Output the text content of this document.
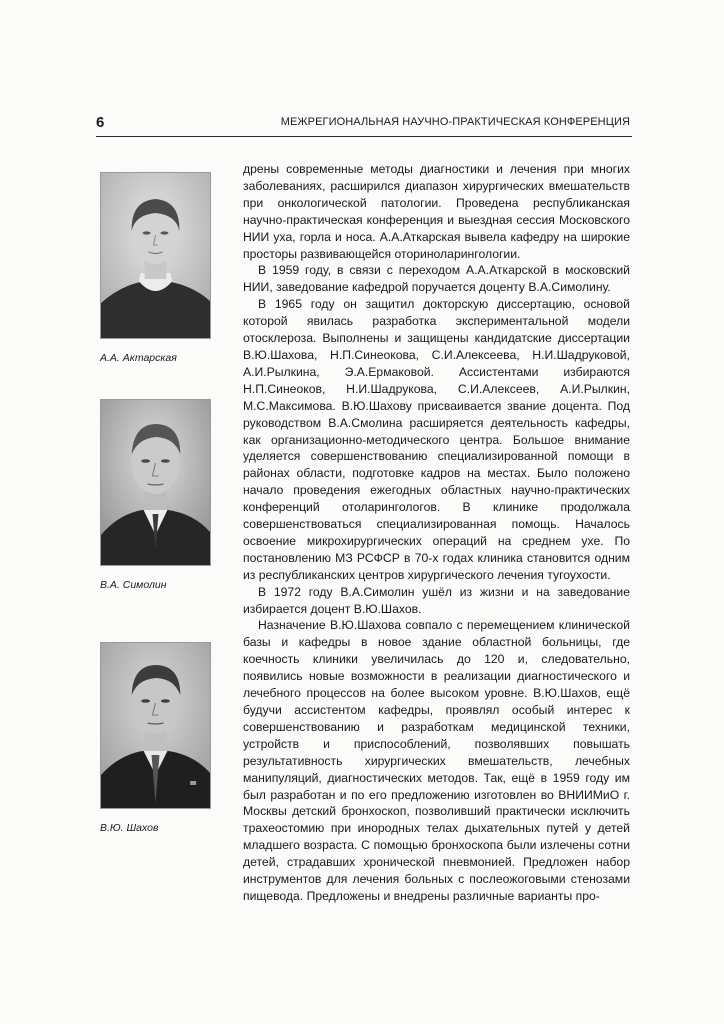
6	МЕЖРЕГИОНАЛЬНАЯ НАУЧНО-ПРАКТИЧЕСКАЯ КОНФЕРЕНЦИЯ
А.А. Актарская
В.А. Симолин
В.Ю. Шахов

дрены современные методы диагностики и лечения при многих заболеваниях, расширился диапазон хирургических вмешательств при онкологической патологии. Проведена республиканская научно-практическая конференция и выездная сессия Московского НИИ уха, горла и носа. А.А.Аткарская вывела кафедру на широкие просторы развивающейся оториноларингологии.

В 1959 году, в связи с переходом А.А.Аткарской в московский НИИ, заведование кафедрой поручается доценту В.А.Симолину.

В 1965 году он защитил докторскую диссертацию, основой которой явилась разработка экспериментальной модели отосклероза. Выполнены и защищены кандидатские диссертации В.Ю.Шахова, Н.П.Синеокова, С.И.Алексеева, Н.И.Шадруковой, А.И.Рылкина, Э.А.Ермаковой. Ассистентами избираются Н.П.Синеоков, Н.И.Шадрукова, С.И.Алексеев, А.И.Рылкин, М.С.Максимова. В.Ю.Шахову присваивается звание доцента. Под руководством В.А.Смолина расширяется деятельность кафедры, как организационно-методического центра. Большое внимание уделяется совершенствованию специализированной помощи в районах области, подготовке кадров на местах. Было положено начало проведения ежегодных областных научно-практических конференций отоларингологов. В клинике продолжала совершенствоваться специализированная помощь. Началось освоение микрохирургических операций на среднем ухе. По постановлению МЗ РСФСР в 70-х годах клиника становится одним из республиканских центров хирургического лечения тугоухости.

В 1972 году В.А.Симолин ушёл из жизни и на заведование избирается доцент В.Ю.Шахов.

Назначение В.Ю.Шахова совпало с перемещением клинической базы и кафедры в новое здание областной больницы, где коечность клиники увеличилась до 120 и, следовательно, появились новые возможности в реализации диагностического и лечебного процессов на более высоком уровне. В.Ю.Шахов, ещё будучи ассистентом кафедры, проявлял особый интерес к совершенствованию и разработкам медицинской техники, устройств и приспособлений, позволявших повышать результативность хирургических вмешательств, лечебных манипуляций, диагностических методов. Так, ещё в 1959 году им был разработан и по его предложению изготовлен во ВНИИМиО г. Москвы детский бронхоскоп, позволивший практически исключить трахеостомию при инородных телах дыхательных путей у детей младшего возраста. С помощью бронхоскопа были излечены сотни детей, страдавших хронической пневмонией. Предложен набор инструментов для лечения больных с послеожоговыми стенозами пищевода. Предложены и внедрены различные варианты про-
